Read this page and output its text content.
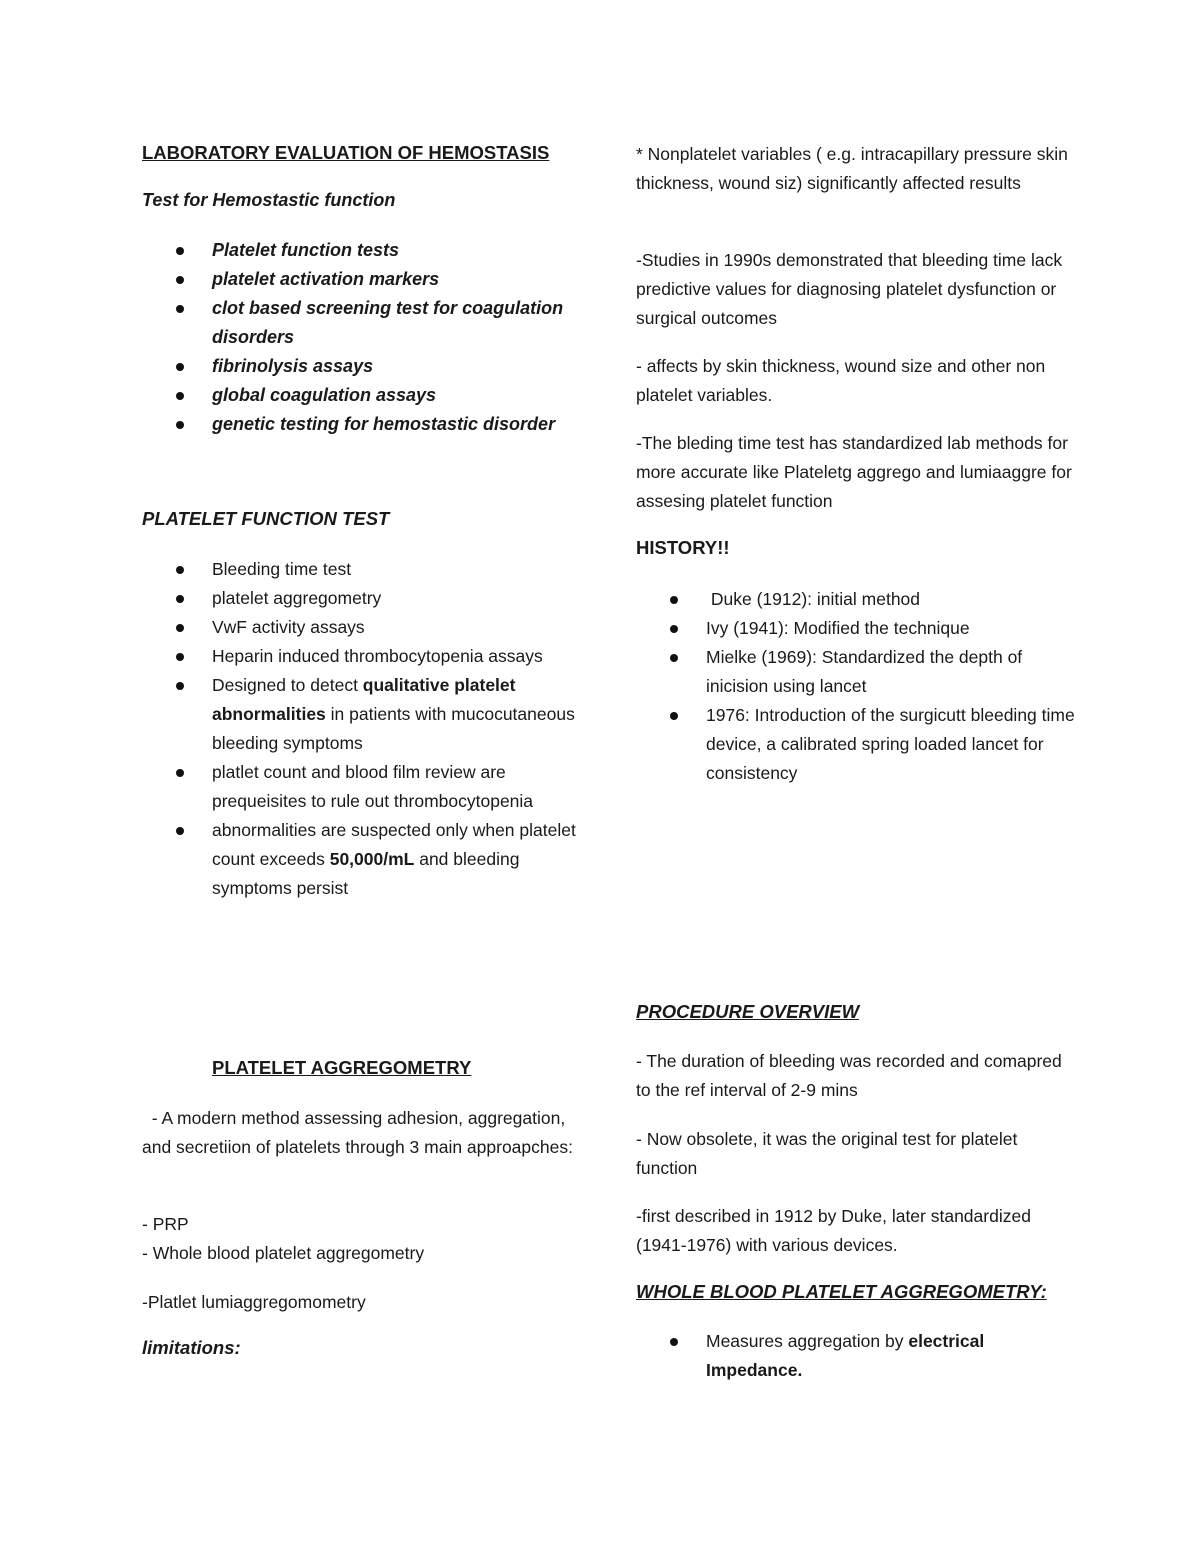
LABORATORY EVALUATION OF HEMOSTASIS

Test for Hemostastic function

Platelet function tests
platelet activation markers
clot based screening test for coagulation disorders
fibrinolysis assays
global coagulation assays
genetic testing for hemostastic disorder

PLATELET FUNCTION TEST

Bleeding time test
platelet aggregometry
VwF activity assays
Heparin induced thrombocytopenia assays
Designed to detect qualitative platelet abnormalities in patients with mucocutaneous bleeding symptoms
platlet count and blood film review are prequeisites to rule out thrombocytopenia
abnormalities are suspected only when platelet count exceeds 50,000/mL and bleeding symptoms persist

PLATELET AGGREGOMETRY

- A modern method assessing adhesion, aggregation, and secretiion of platelets through 3 main approapches:

- PRP

- Whole blood platelet aggregometry

-Platlet lumiaggregomometry

limitations:

* Nonplatelet variables ( e.g. intracapillary pressure skin thickness, wound siz) significantly affected results

-Studies in 1990s demonstrated that bleeding time lack predictive values for diagnosing platelet dysfunction or surgical outcomes

- affects by skin thickness, wound size and other non platelet variables.

-The bleding time test has standardized lab methods for more accurate like Plateletg aggrego and lumiaaggre for assesing platelet function

HISTORY!!

Duke (1912): initial method
Ivy (1941): Modified the technique
Mielke (1969): Standardized the depth of inicision using lancet
1976: Introduction of the surgicutt bleeding time device, a calibrated spring loaded lancet for consistency

PROCEDURE OVERVIEW

- The duration of bleeding was recorded and comapred to the ref interval of 2-9 mins

- Now obsolete, it was the original test for platelet function

-first described in 1912 by Duke, later standardized (1941-1976) with various devices.

WHOLE BLOOD PLATELET AGGREGOMETRY:

Measures aggregation by electrical Impedance.
